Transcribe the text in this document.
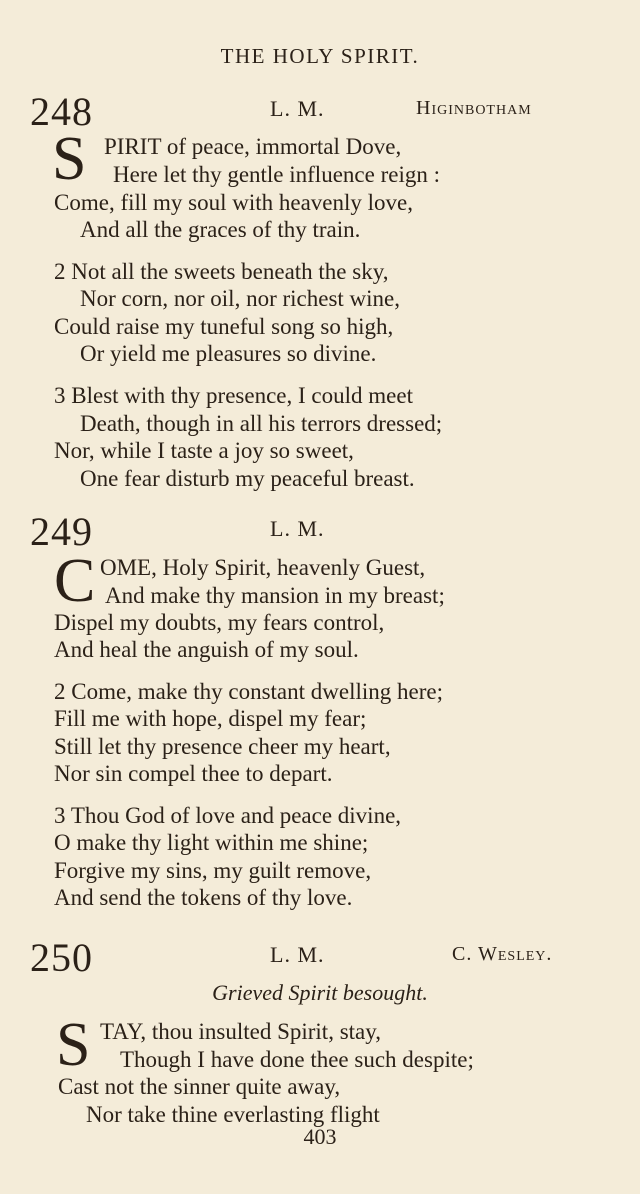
THE HOLY SPIRIT.
248	L. M.	Higinbotham
S PIRIT of peace, immortal Dove,
Here let thy gentle influence reign :
Come, fill my soul with heavenly love,
And all the graces of thy train.
2 Not all the sweets beneath the sky,
Nor corn, nor oil, nor richest wine,
Could raise my tuneful song so high,
Or yield me pleasures so divine.
3 Blest with thy presence, I could meet
Death, though in all his terrors dressed;
Nor, while I taste a joy so sweet,
One fear disturb my peaceful breast.
249	L. M.
C OME, Holy Spirit, heavenly Guest,
And make thy mansion in my breast;
Dispel my doubts, my fears control,
And heal the anguish of my soul.
2 Come, make thy constant dwelling here;
Fill me with hope, dispel my fear;
Still let thy presence cheer my heart,
Nor sin compel thee to depart.
3 Thou God of love and peace divine,
O make thy light within me shine;
Forgive my sins, my guilt remove,
And send the tokens of thy love.
250	L. M.	C. Wesley.
Grieved Spirit besought.
S TAY, thou insulted Spirit, stay,
Though I have done thee such despite;
Cast not the sinner quite away,
Nor take thine everlasting flight
403
